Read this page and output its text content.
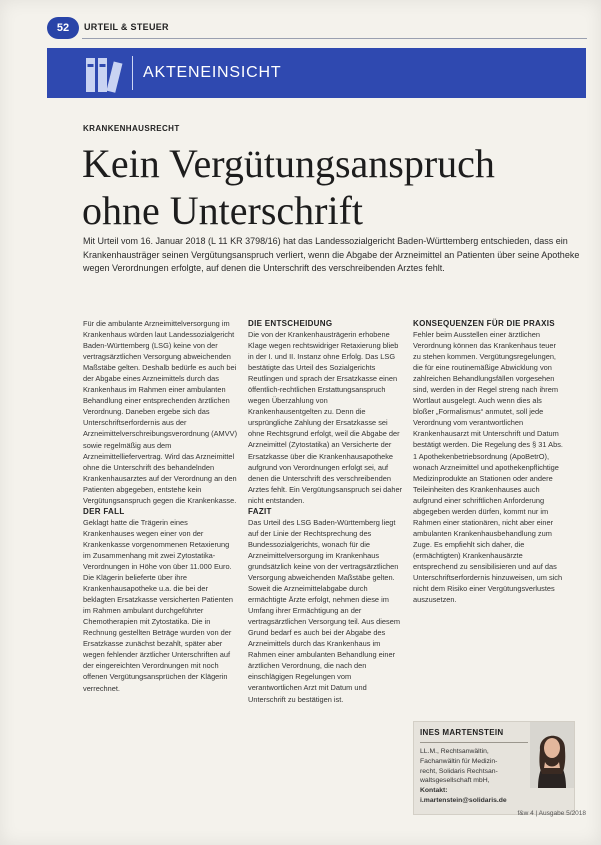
52	URTEIL & STEUER
AKTENEINSICHT
KRANKENHAUSRECHT
Kein Vergütungsanspruch
ohne Unterschrift
Mit Urteil vom 16. Januar 2018 (L 11 KR 3798/16) hat das Landessozialgericht Baden-Württemberg entschieden, dass ein Krankenhausträger seinen Vergütungsanspruch verliert, wenn die Abgabe der Arzneimittel an Patienten über seine Apotheke wegen Verordnungen erfolgte, auf denen die Unterschrift des verschreibenden Arztes fehlt.

Für die ambulante Arzneimittelversorgung im Krankenhaus würden laut Landessozialgericht Baden-Württemberg (LSG) keine von der vertragsärztlichen Versorgung abweichenden Maßstäbe gelten. Deshalb bedürfe es auch bei der Abgabe eines Arzneimittels durch das Krankenhaus im Rahmen einer ambulanten Behandlung einer entsprechenden ärztlichen Verordnung. Daneben ergebe sich das Unterschriftserfordernis aus der Arzneimittelverschreibungsverordnung (AMVV) sowie regelmäßig aus dem Arzneimittelliefervertrag. Wird das Arzneimittel ohne die Unterschrift des behandelnden Krankenhausarztes auf der Verordnung an den Patienten abgegeben, entstehe kein Vergütungsanspruch gegen die Krankenkasse.

DER FALL

Geklagt hatte die Trägerin eines Krankenhauses wegen einer von der Krankenkasse vorgenommenen Retaxierung im Zusammenhang mit zwei Zytostatika-Verordnungen in Höhe von über 11.000 Euro. Die Klägerin belieferte über ihre Krankenhausapotheke u.a. die bei der beklagten Ersatzkasse versicherten Patienten im Rahmen ambulant durchgeführter Chemotherapien mit Zytostatika. Die in Rechnung gestellten Beträge wurden von der Ersatzkasse zunächst bezahlt, später aber wegen fehlender ärztlicher Unterschriften auf der eingereichten Verordnungen mit noch offenen Vergütungsansprüchen der Klägerin verrechnet.

DIE ENTSCHEIDUNG

Die von der Krankenhausträgerin erhobene Klage wegen rechtswidriger Retaxierung blieb in der I. und II. Instanz ohne Erfolg. Das LSG bestätigte das Urteil des Sozialgerichts Reutlingen und sprach der Ersatzkasse einen öffentlich-rechtlichen Erstattungsanspruch wegen Überzahlung von Krankenhausentgelten zu. Denn die ursprüngliche Zahlung der Ersatzkasse sei ohne Rechtsgrund erfolgt, weil die Abgabe der Arzneimittel (Zytostatika) an Versicherte der Ersatzkasse über die Krankenhausapotheke aufgrund von Verordnungen erfolgt sei, auf denen die Unterschrift des verschreibenden Arztes fehlt. Ein Vergütungsanspruch sei daher nicht entstanden.

FAZIT

Das Urteil des LSG Baden-Württemberg liegt auf der Linie der Rechtsprechung des Bundessozialgerichts, wonach für die Arzneimittelversorgung im Krankenhaus grundsätzlich keine von der vertragsärztlichen Versorgung abweichenden Maßstäbe gelten. Soweit die Arzneimittelabgabe durch ermächtigte Ärzte erfolgt, nehmen diese im Umfang ihrer Ermächtigung an der vertragsärztlichen Versorgung teil. Aus diesem Grund bedarf es auch bei der Abgabe des Arzneimittels durch das Krankenhaus im Rahmen einer ambulanten Behandlung einer ärztlichen Verordnung, die nach den einschlägigen Regelungen vom verantwortlichen Arzt mit Datum und Unterschrift zu bestätigen ist.

KONSEQUENZEN FÜR DIE PRAXIS

Fehler beim Ausstellen einer ärztlichen Verordnung können das Krankenhaus teuer zu stehen kommen. Vergütungsregelungen, die für eine routinemäßige Abwicklung von zahlreichen Behandlungsfällen vorgesehen sind, werden in der Regel streng nach ihrem Wortlaut ausgelegt. Auch wenn dies als bloßer „Formalismus“ anmutet, soll jede Verordnung vom verantwortlichen Krankenhausarzt mit Unterschrift und Datum bestätigt werden. Die Regelung des § 31 Abs. 1 Apothekenbetriebsordnung (ApoBetrO), wonach Arzneimittel und apothekenpflichtige Medizinprodukte an Stationen oder andere Teileinheiten des Krankenhauses auch aufgrund einer schriftlichen Anforderung abgegeben werden dürfen, kommt nur im Rahmen einer stationären, nicht aber einer ambulanten Krankenhausbehandlung zum Zuge. Es empfiehlt sich daher, die (ermächtigten) Krankenhausärzte entsprechend zu sensibilisieren und auf das Unterschriftserfordernis hinzuweisen, um sich nicht dem Risiko einer Vergütungsverlustes auszusetzen.

INES MARTENSTEIN
LL.M., Rechtsanwältin,
Fachanwältin für Medizin-
recht, Solidaris Rechtsan-
waltsgesellschaft mbH,
Kontakt: i.martenstein@solidaris.de
f&w 4 | Ausgabe 5/2018
